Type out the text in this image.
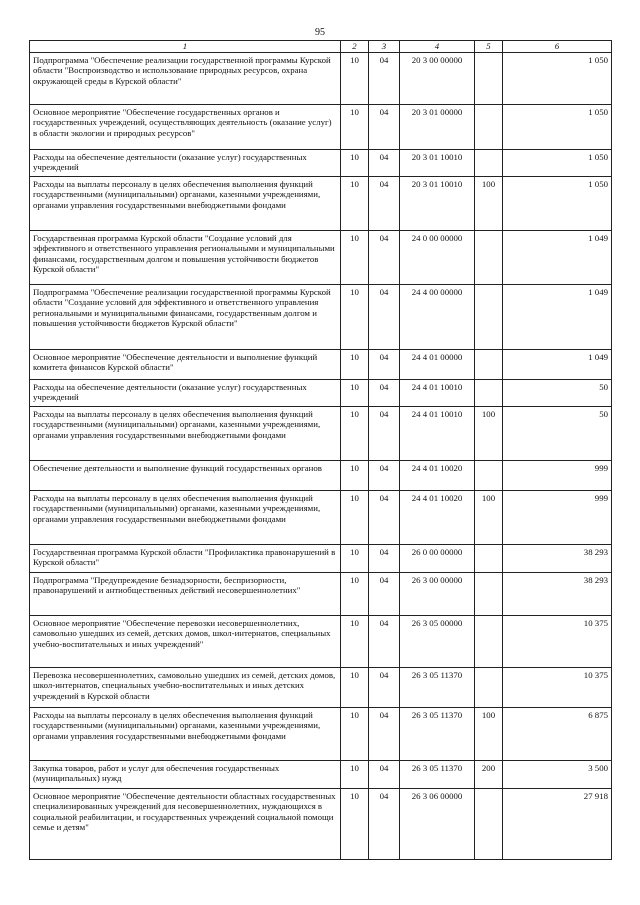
95
1	2	3	4	5	6
Подпрограмма "Обеспечение реализации государственной программы Курской области "Воспроизводство и использование природных ресурсов, охрана окружающей среды в Курской области"	10	04	20 3 00 00000		1 050
Основное мероприятие "Обеспечение государственных органов и государственных учреждений, осуществляющих деятельность (оказание услуг) в области экологии и природных ресурсов"	10	04	20 3 01 00000		1 050
Расходы на обеспечение деятельности (оказание услуг) государственных учреждений	10	04	20 3 01 10010		1 050
Расходы на выплаты персоналу в целях обеспечения выполнения функций государственными (муниципальными) органами, казенными учреждениями, органами управления государственными внебюджетными фондами	10	04	20 3 01 10010	100	1 050
Государственная программа Курской области "Создание условий для эффективного и ответственного управления региональными и муниципальными финансами, государственным долгом и повышения устойчивости бюджетов Курской области"	10	04	24 0 00 00000		1 049
Подпрограмма "Обеспечение реализации государственной программы Курской области "Создание условий для эффективного и ответственного управления региональными и муниципальными финансами, государственным долгом и повышения устойчивости бюджетов Курской области"	10	04	24 4 00 00000		1 049
Основное мероприятие "Обеспечение деятельности и выполнение функций комитета финансов Курской области"	10	04	24 4 01 00000		1 049
Расходы на обеспечение деятельности (оказание услуг) государственных учреждений	10	04	24 4 01 10010		50
Расходы на выплаты персоналу в целях обеспечения выполнения функций государственными (муниципальными) органами, казенными учреждениями, органами управления государственными внебюджетными фондами	10	04	24 4 01 10010	100	50
Обеспечение деятельности и выполнение функций государственных органов	10	04	24 4 01 10020		999
Расходы на выплаты персоналу в целях обеспечения выполнения функций государственными (муниципальными) органами, казенными учреждениями, органами управления государственными внебюджетными фондами	10	04	24 4 01 10020	100	999
Государственная программа Курской области "Профилактика правонарушений в Курской области"	10	04	26 0 00 00000		38 293
Подпрограмма "Предупреждение безнадзорности, беспризорности, правонарушений и антиобщественных действий несовершеннолетних"	10	04	26 3 00 00000		38 293
Основное мероприятие "Обеспечение перевозки несовершеннолетних, самовольно ушедших из семей, детских домов, школ-интернатов, специальных учебно-воспитательных и иных учреждений"	10	04	26 3 05 00000		10 375
Перевозка несовершеннолетних, самовольно ушедших из семей, детских домов, школ-интернатов, специальных учебно-воспитательных и иных детских учреждений в Курской области	10	04	26 3 05 11370		10 375
Расходы на выплаты персоналу в целях обеспечения выполнения функций государственными (муниципальными) органами, казенными учреждениями, органами управления государственными внебюджетными фондами	10	04	26 3 05 11370	100	6 875
Закупка товаров, работ и услуг для обеспечения государственных (муниципальных) нужд	10	04	26 3 05 11370	200	3 500
Основное мероприятие "Обеспечение деятельности областных государственных специализированных учреждений для несовершеннолетних, нуждающихся в социальной реабилитации, и государственных учреждений социальной помощи семье и детям"	10	04	26 3 06 00000		27 918
